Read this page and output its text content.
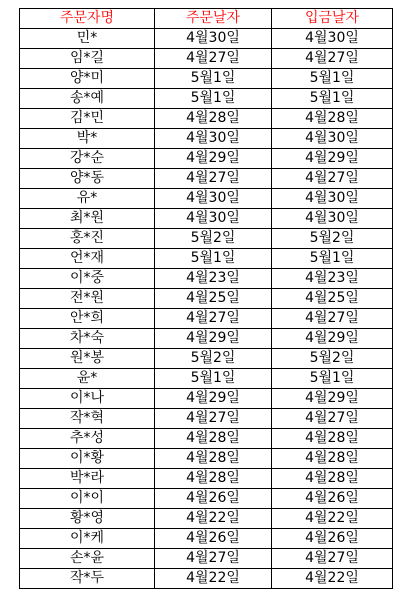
주문자명	주문날자	입금날자
민*	4월30일	4월30일
임*길	4월27일	4월27일
양*미	5월1일	5월1일
송*예	5월1일	5월1일
김*민	4월28일	4월28일
박*	4월30일	4월30일
강*순	4월29일	4월29일
양*동	4월27일	4월27일
유*	4월30일	4월30일
최*원	4월30일	4월30일
홍*진	5월2일	5월2일
언*재	5월1일	5월1일
이*중	4월23일	4월23일
전*원	4월25일	4월25일
안*희	4월27일	4월27일
차*숙	4월29일	4월29일
원*봉	5월2일	5월2일
윤*	5월1일	5월1일
이*나	4월29일	4월29일
작*혁	4월27일	4월27일
추*성	4월28일	4월28일
이*황	4월28일	4월28일
박*라	4월28일	4월28일
이*이	4월26일	4월26일
황*영	4월22일	4월22일
이*케	4월26일	4월26일
손*윤	4월27일	4월27일
작*두	4월22일	4월22일
